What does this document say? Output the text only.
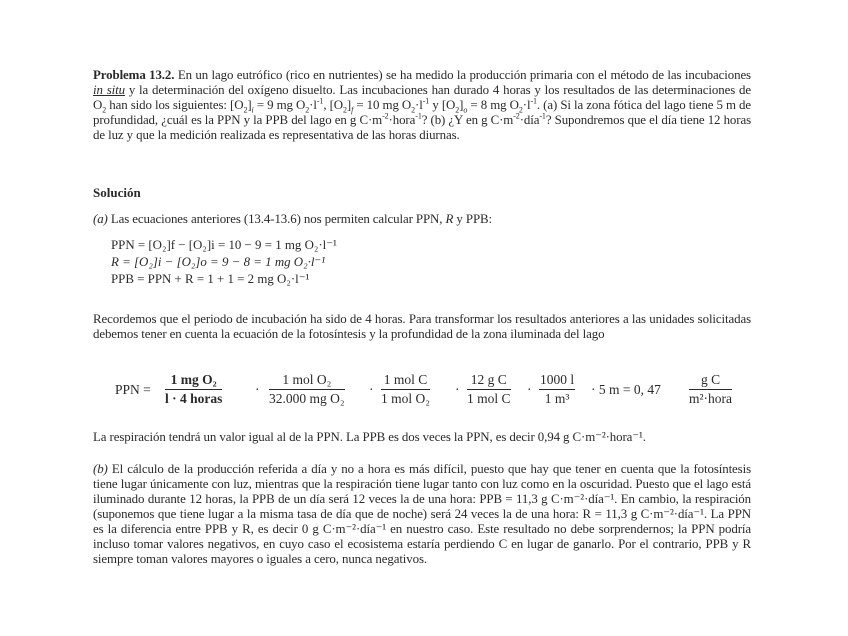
Problema 13.2. En un lago eutrófico (rico en nutrientes) se ha medido la producción primaria con el método de las incubaciones in situ y la determinación del oxígeno disuelto. Las incubaciones han durado 4 horas y los resultados de las determinaciones de $O_2$ han sido los siguientes: $[O_2]_i = 9$ mg $O_2\cdot l^{-1}$, $[O_2]_f = 10$ mg $O_2\cdot l^{-1}$ y $[O_2]_o = 8$ mg $O_2\cdot l^{-1}$. (a) Si la zona fótica del lago tiene 5 m de profundidad, ¿cuál es la PPN y la PPB del lago en g $C\cdot m^{-2}\cdot hora^{-1}$? (b) ¿Y en g $C\cdot m^{-2}\cdot día^{-1}$? Supondremos que el día tiene 12 horas de luz y que la medición realizada es representativa de las horas diurnas.
Solución
(a) Las ecuaciones anteriores (13.4-13.6) nos permiten calcular PPN, R y PPB:
PPN = [O₂]f − [O₂]i = 10 − 9 = 1 mg O₂·l⁻¹
R = [O₂]i − [O₂]o = 9 − 8 = 1 mg O₂·l⁻¹
PPB = PPN + R = 1 + 1 = 2 mg O₂·l⁻¹
Recordemos que el periodo de incubación ha sido de 4 horas. Para transformar los resultados anteriores a las unidades solicitadas debemos tener en cuenta la ecuación de la fotosíntesis y la profundidad de la zona iluminada del lago
PPN =
1 mg O₂
l · 4 horas
·
1 mol O₂
32.000 mg O₂
·
1 mol C
1 mol O₂
·
12 g C
1 mol C
· $\frac{1000 l}{\text{1 m³}} \cdot 5$ m = 0, 47
g C
m²·hora
La respiración tendrá un valor igual al de la PPN. La PPB es dos veces la PPN, es decir 0,94 g C·m⁻²·hora⁻¹.
(b) El cálculo de la producción referida a día y no a hora es más difícil, puesto que hay que tener en cuenta que la fotosíntesis tiene lugar únicamente con luz, mientras que la respiración tiene lugar tanto con luz como en la oscuridad. Puesto que el lago está iluminado durante 12 horas, la PPB de un día será 12 veces la de una hora: PPB = 11,3 g C·m⁻²·día⁻¹. En cambio, la respiración (suponemos que tiene lugar a la misma tasa de día que de noche) será 24 veces la de una hora: R = 11,3 g C·m⁻²·día⁻¹. La PPN es la diferencia entre PPB y R, es decir 0 g C·m⁻²·día⁻¹ en nuestro caso. Este resultado no debe sorprendernos; la PPN podría incluso tomar valores negativos, en cuyo caso el ecosistema estaría perdiendo C en lugar de ganarlo. Por el contrario, PPB y R siempre toman valores mayores o iguales a cero, nunca negativos.
